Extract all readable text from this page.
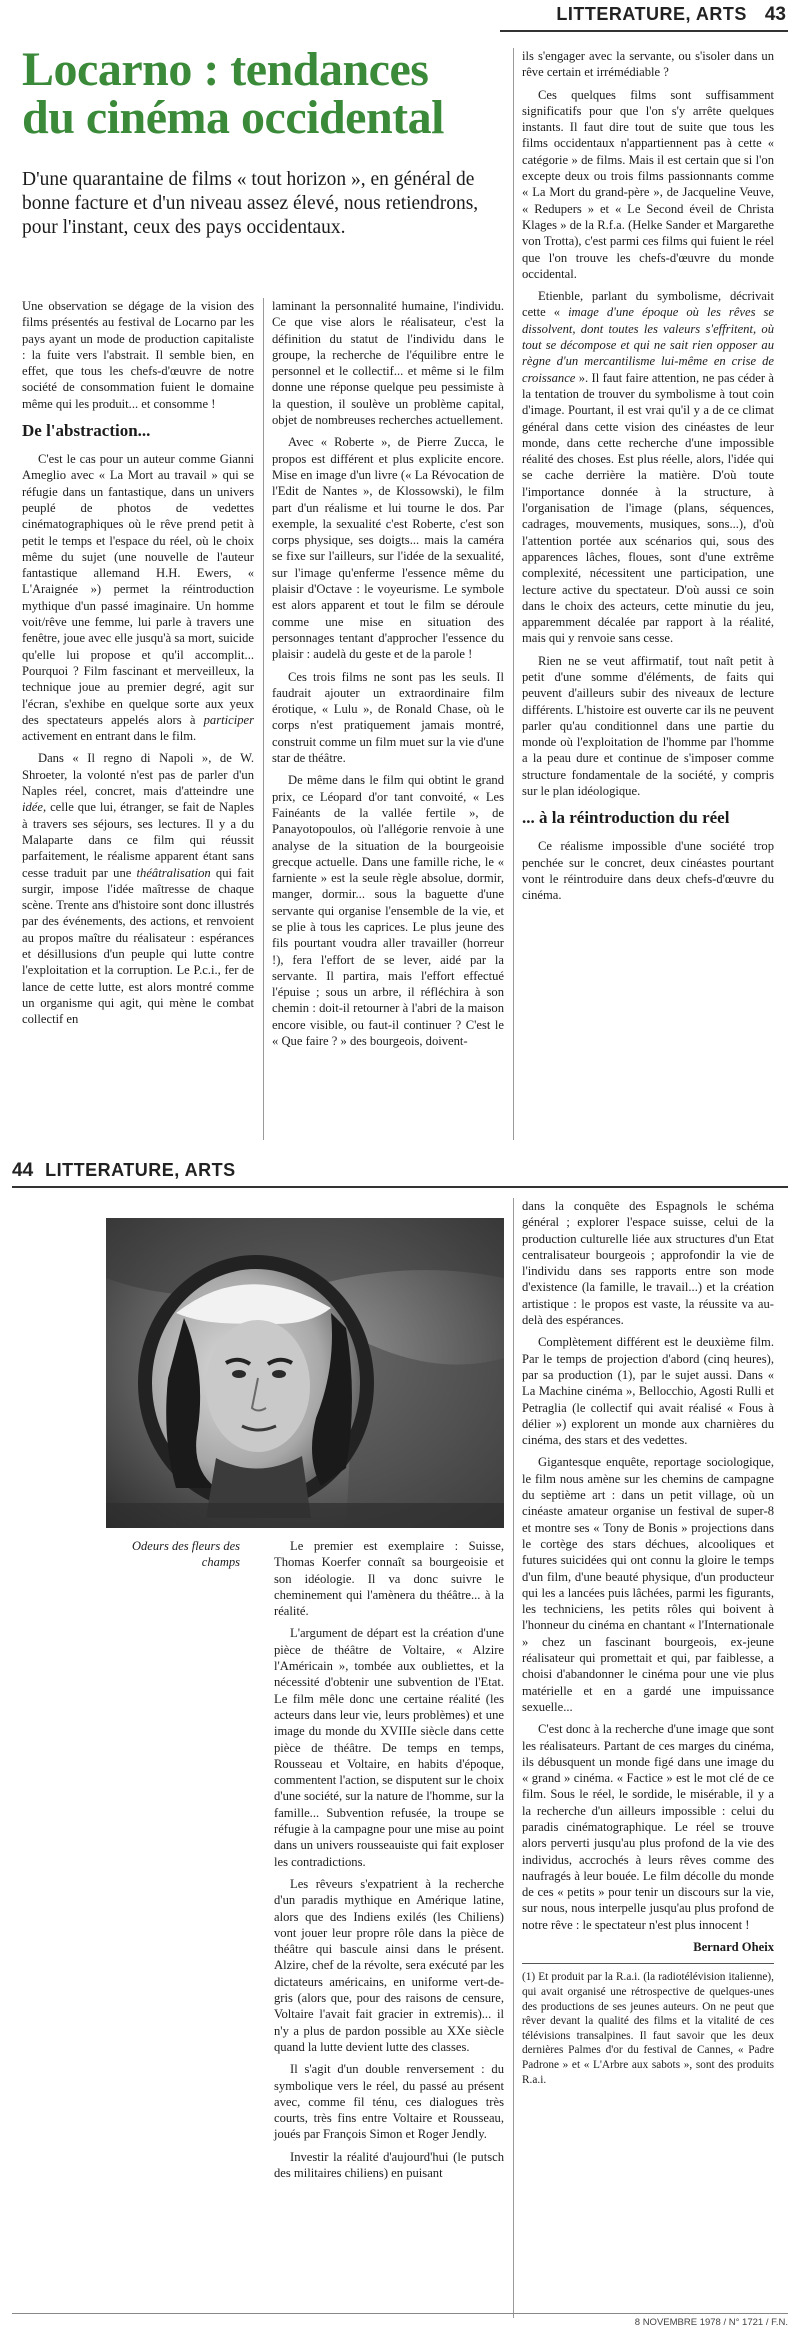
LITTERATURE, ARTS 43
Locarno : tendances du cinéma occidental

D'une quarantaine de films « tout horizon », en général de bonne facture et d'un niveau assez élevé, nous retiendrons, pour l'instant, ceux des pays occidentaux.

Une observation se dégage de la vision des films présentés au festival de Locarno par les pays ayant un mode de production capitaliste : la fuite vers l'abstrait. Il semble bien, en effet, que tous les chefs-d'œuvre de notre société de consommation fuient le domaine même qui les produit... et consomme !

De l'abstraction...

C'est le cas pour un auteur comme Gianni Ameglio avec « La Mort au travail » qui se réfugie dans un fantastique, dans un univers peuplé de photos de vedettes cinématographiques où le rêve prend petit à petit le temps et l'espace du réel, où le choix même du sujet (une nouvelle de l'auteur fantastique allemand H.H. Ewers, « L'Araignée ») permet la réintroduction mythique d'un passé imaginaire. Un homme voit/rêve une femme, lui parle à travers une fenêtre, joue avec elle jusqu'à sa mort, suicide qu'elle lui propose et qu'il accomplit... Pourquoi ? Film fascinant et merveilleux, la technique joue au premier degré, agit sur l'écran, s'exhibe en quelque sorte aux yeux des spectateurs appelés alors à participer activement en entrant dans le film.

Dans « Il regno di Napoli », de W. Shroeter, la volonté n'est pas de parler d'un Naples réel, concret, mais d'atteindre une idée, celle que lui, étranger, se fait de Naples à travers ses séjours, ses lectures. Il y a du Malaparte dans ce film qui réussit parfaitement, le réalisme apparent étant sans cesse traduit par une théâtralisation qui fait surgir, impose l'idée maîtresse de chaque scène. Trente ans d'histoire sont donc illustrés par des événements, des actions, et renvoient au propos maître du réalisateur : espérances et désillusions d'un peuple qui lutte contre l'exploitation et la corruption. Le P.c.i., fer de lance de cette lutte, est alors montré comme un organisme qui agit, qui mène le combat collectif en

laminant la personnalité humaine, l'individu. Ce que vise alors le réalisateur, c'est la définition du statut de l'individu dans le groupe, la recherche de l'équilibre entre le personnel et le collectif... et même si le film donne une réponse quelque peu pessimiste à la question, il soulève un problème capital, objet de nombreuses recherches actuellement.

Avec « Roberte », de Pierre Zucca, le propos est différent et plus explicite encore. Mise en image d'un livre (« La Révocation de l'Edit de Nantes », de Klossowski), le film part d'un réalisme et lui tourne le dos. Par exemple, la sexualité c'est Roberte, c'est son corps physique, ses doigts... mais la caméra se fixe sur l'ailleurs, sur l'idée de la sexualité, sur l'image qu'enferme l'essence même du plaisir d'Octave : le voyeurisme. Le symbole est alors apparent et tout le film se déroule comme une mise en situation des personnages tentant d'approcher l'essence du plaisir : audelà du geste et de la parole !

Ces trois films ne sont pas les seuls. Il faudrait ajouter un extraordinaire film érotique, « Lulu », de Ronald Chase, où le corps n'est pratiquement jamais montré, construit comme un film muet sur la vie d'une star de théâtre.

De même dans le film qui obtint le grand prix, ce Léopard d'or tant convoité, « Les Fainéants de la vallée fertile », de Panayotopoulos, où l'allégorie renvoie à une analyse de la situation de la bourgeoisie grecque actuelle. Dans une famille riche, le « farniente » est la seule règle absolue, dormir, manger, dormir... sous la baguette d'une servante qui organise l'ensemble de la vie, et se plie à tous les caprices. Le plus jeune des fils pourtant voudra aller travailler (horreur !), fera l'effort de se lever, aidé par la servante. Il partira, mais l'effort effectué l'épuise ; sous un arbre, il réfléchira à son chemin : doit-il retourner à l'abri de la maison encore visible, ou faut-il continuer ? C'est le « Que faire ? » des bourgeois, doivent-

ils s'engager avec la servante, ou s'isoler dans un rêve certain et irrémédiable ?

Ces quelques films sont suffisamment significatifs pour que l'on s'y arrête quelques instants. Il faut dire tout de suite que tous les films occidentaux n'appartiennent pas à cette « catégorie » de films. Mais il est certain que si l'on excepte deux ou trois films passionnants comme « La Mort du grand-père », de Jacqueline Veuve, « Redupers » et « Le Second éveil de Christa Klages » de la R.f.a. (Helke Sander et Margarethe von Trotta), c'est parmi ces films qui fuient le réel que l'on trouve les chefs-d'œuvre du monde occidental.

Etienble, parlant du symbolisme, décrivait cette « image d'une époque où les rêves se dissolvent, dont toutes les valeurs s'effritent, où tout se décompose et qui ne sait rien opposer au règne d'un mercantilisme lui-même en crise de croissance ». Il faut faire attention, ne pas céder à la tentation de trouver du symbolisme à tout coin d'image. Pourtant, il est vrai qu'il y a de ce climat général dans cette vision des cinéastes de leur monde, dans cette recherche d'une impossible réalité des choses. Est plus réelle, alors, l'idée qui se cache derrière la matière. D'où toute l'importance donnée à la structure, à l'organisation de l'image (plans, séquences, cadrages, mouvements, musiques, sons...), d'où l'attention portée aux scénarios qui, sous des apparences lâches, floues, sont d'une extrême complexité, nécessitent une participation, une lecture active du spectateur. D'où aussi ce soin dans le choix des acteurs, cette minutie du jeu, apparemment décalée par rapport à la réalité, mais qui y renvoie sans cesse.

Rien ne se veut affirmatif, tout naît petit à petit d'une somme d'éléments, de faits qui peuvent d'ailleurs subir des niveaux de lecture différents. L'histoire est ouverte car ils ne peuvent parler qu'au conditionnel dans une partie du monde où l'exploitation de l'homme par l'homme a la peau dure et continue de s'imposer comme structure fondamentale de la société, y compris sur le plan idéologique.

... à la réintroduction du réel

Ce réalisme impossible d'une société trop penchée sur le concret, deux cinéastes pourtant vont le réintroduire dans deux chefs-d'œuvre du cinéma.

44 LITTERATURE, ARTS
Odeurs des fleurs des champs

Le premier est exemplaire : Suisse, Thomas Koerfer connaît sa bourgeoisie et son idéologie. Il va donc suivre le cheminement qui l'amènera du théâtre... à la réalité.

L'argument de départ est la création d'une pièce de théâtre de Voltaire, « Alzire l'Américain », tombée aux oubliettes, et la nécessité d'obtenir une subvention de l'Etat. Le film mêle donc une certaine réalité (les acteurs dans leur vie, leurs problèmes) et une image du monde du XVIIIe siècle dans cette pièce de théâtre. De temps en temps, Rousseau et Voltaire, en habits d'époque, commentent l'action, se disputent sur le choix d'une société, sur la nature de l'homme, sur la famille... Subvention refusée, la troupe se réfugie à la campagne pour une mise au point dans un univers rousseauiste qui fait exploser les contradictions.

Les rêveurs s'expatrient à la recherche d'un paradis mythique en Amérique latine, alors que des Indiens exilés (les Chiliens) vont jouer leur propre rôle dans la pièce de théâtre qui bascule ainsi dans le présent. Alzire, chef de la révolte, sera exécuté par les dictateurs américains, en uniforme vert-de-gris (alors que, pour des raisons de censure, Voltaire l'avait fait gracier in extremis)... il n'y a plus de pardon possible au XXe siècle quand la lutte devient lutte des classes.

Il s'agit d'un double renversement : du symbolique vers le réel, du passé au présent avec, comme fil ténu, ces dialogues très courts, très fins entre Voltaire et Rousseau, joués par François Simon et Roger Jendly.

Investir la réalité d'aujourd'hui (le putsch des militaires chiliens) en puisant

dans la conquête des Espagnols le schéma général ; explorer l'espace suisse, celui de la production culturelle liée aux structures d'un Etat centralisateur bourgeois ; approfondir la vie de l'individu dans ses rapports entre son mode d'existence (la famille, le travail...) et la création artistique : le propos est vaste, la réussite va au-delà des espérances.

Complètement différent est le deuxième film. Par le temps de projection d'abord (cinq heures), par sa production (1), par le sujet aussi. Dans « La Machine cinéma », Bellocchio, Agosti Rulli et Petraglia (le collectif qui avait réalisé « Fous à délier ») explorent un monde aux charnières du cinéma, des stars et des vedettes.

Gigantesque enquête, reportage sociologique, le film nous amène sur les chemins de campagne du septième art : dans un petit village, où un cinéaste amateur organise un festival de super-8 et montre ses « Tony de Bonis » projections dans le cortège des stars déchues, alcooliques et futures suicidées qui ont connu la gloire le temps d'un film, d'une beauté physique, d'un producteur qui les a lancées puis lâchées, parmi les figurants, les techniciens, les petits rôles qui boivent à l'honneur du cinéma en chantant « l'Internationale » chez un fascinant bourgeois, ex-jeune réalisateur qui promettait et qui, par faiblesse, a choisi d'abandonner le cinéma pour une vie plus matérielle et en a gardé une impuissance sexuelle...

C'est donc à la recherche d'une image que sont les réalisateurs. Partant de ces marges du cinéma, ils débusquent un monde figé dans une image du « grand » cinéma. « Factice » est le mot clé de ce film. Sous le réel, le sordide, le misérable, il y a la recherche d'un ailleurs impossible : celui du paradis cinématographique. Le réel se trouve alors perverti jusqu'au plus profond de la vie des individus, accrochés à leurs rêves comme des naufragés à leur bouée. Le film décolle du monde de ces « petits » pour tenir un discours sur la vie, sur nous, nous interpelle jusqu'au plus profond de notre rêve : le spectateur n'est plus innocent !

Bernard Oheix

(1) Et produit par la R.a.i. (la radiotélévision italienne), qui avait organisé une rétrospective de quelques-unes des productions de ses jeunes auteurs. On ne peut que rêver devant la qualité des films et la vitalité de ces télévisions transalpines. Il faut savoir que les deux dernières Palmes d'or du festival de Cannes, « Padre Padrone » et « L'Arbre aux sabots », sont des produits R.a.i.

8 NOVEMBRE 1978 / N° 1721 / F.N.
